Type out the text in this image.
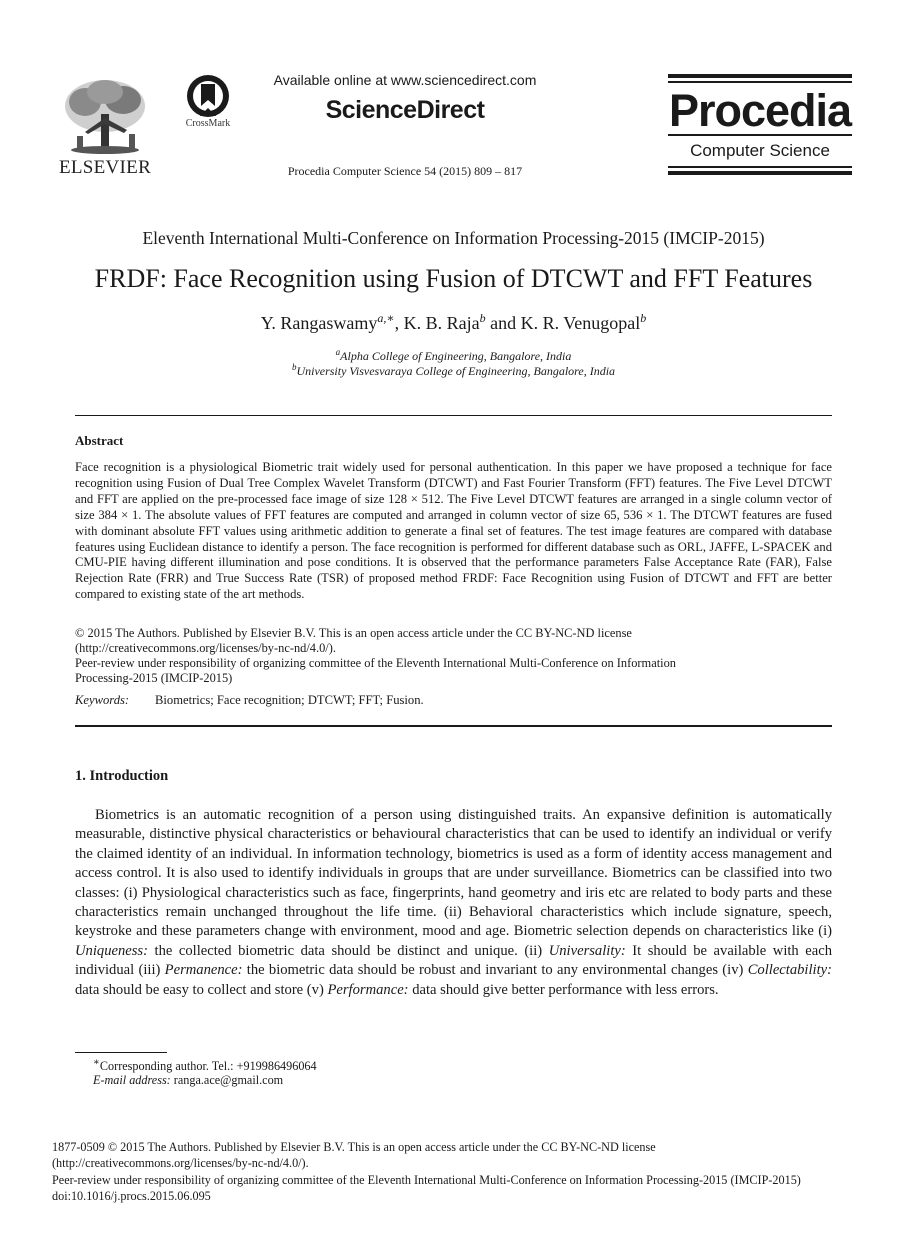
ELSEVIER
CrossMark
Available online at www.sciencedirect.com
ScienceDirect
Procedia Computer Science 54 (2015) 809 – 817
Procedia
Computer Science
Eleventh International Multi-Conference on Information Processing-2015 (IMCIP-2015)
FRDF: Face Recognition using Fusion of DTCWT and FFT Features
Y. Rangaswamy$^{a,∗}$, K. B. Raja$^b$ and K. R. Venugopal$^b$
$^a$Alpha College of Engineering, Bangalore, India
$^b$University Visvesvaraya College of Engineering, Bangalore, India
Abstract
Face recognition is a physiological Biometric trait widely used for personal authentication. In this paper we have proposed a technique for face recognition using Fusion of Dual Tree Complex Wavelet Transform (DTCWT) and Fast Fourier Transform (FFT) features. The Five Level DTCWT and FFT are applied on the pre-processed face image of size 128 × 512. The Five Level DTCWT features are arranged in a single column vector of size 384 × 1. The absolute values of FFT features are computed and arranged in column vector of size 65, 536 × 1. The DTCWT features are fused with dominant absolute FFT values using arithmetic addition to generate a final set of features. The test image features are compared with database features using Euclidean distance to identify a person. The face recognition is performed for different database such as ORL, JAFFE, L-SPACEK and CMU-PIE having different illumination and pose conditions. It is observed that the performance parameters False Acceptance Rate (FAR), False Rejection Rate (FRR) and True Success Rate (TSR) of proposed method FRDF: Face Recognition using Fusion of DTCWT and FFT are better compared to existing state of the art methods.
© 2015 The Authors. Published by Elsevier B.V. This is an open access article under the CC BY-NC-ND license
(http://creativecommons.org/licenses/by-nc-nd/4.0/).
Peer-review under responsibility of organizing committee of the Eleventh International Multi-Conference on Information
Processing-2015 (IMCIP-2015)
Keywords: Biometrics; Face recognition; DTCWT; FFT; Fusion.
1. Introduction

Biometrics is an automatic recognition of a person using distinguished traits. An expansive definition is automatically measurable, distinctive physical characteristics or behavioural characteristics that can be used to identify an individual or verify the claimed identity of an individual. In information technology, biometrics is used as a form of identity access management and access control. It is also used to identify individuals in groups that are under surveillance. Biometrics can be classified into two classes: (i) Physiological characteristics such as face, fingerprints, hand geometry and iris etc are related to body parts and these characteristics remain unchanged throughout the life time. (ii) Behavioral characteristics which include signature, speech, keystroke and these parameters change with environment, mood and age. Biometric selection depends on characteristics like (i) Uniqueness: the collected biometric data should be distinct and unique. (ii) Universality: It should be available with each individual (iii) Permanence: the biometric data should be robust and invariant to any environmental changes (iv) Collectability: data should be easy to collect and store (v) Performance: data should give better performance with less errors.

∗Corresponding author. Tel.: +919986496064
E-mail address: ranga.ace@gmail.com
1877-0509 © 2015 The Authors. Published by Elsevier B.V. This is an open access article under the CC BY-NC-ND license
(http://creativecommons.org/licenses/by-nc-nd/4.0/).
Peer-review under responsibility of organizing committee of the Eleventh International Multi-Conference on Information Processing-2015 (IMCIP-2015)
doi:10.1016/j.procs.2015.06.095
